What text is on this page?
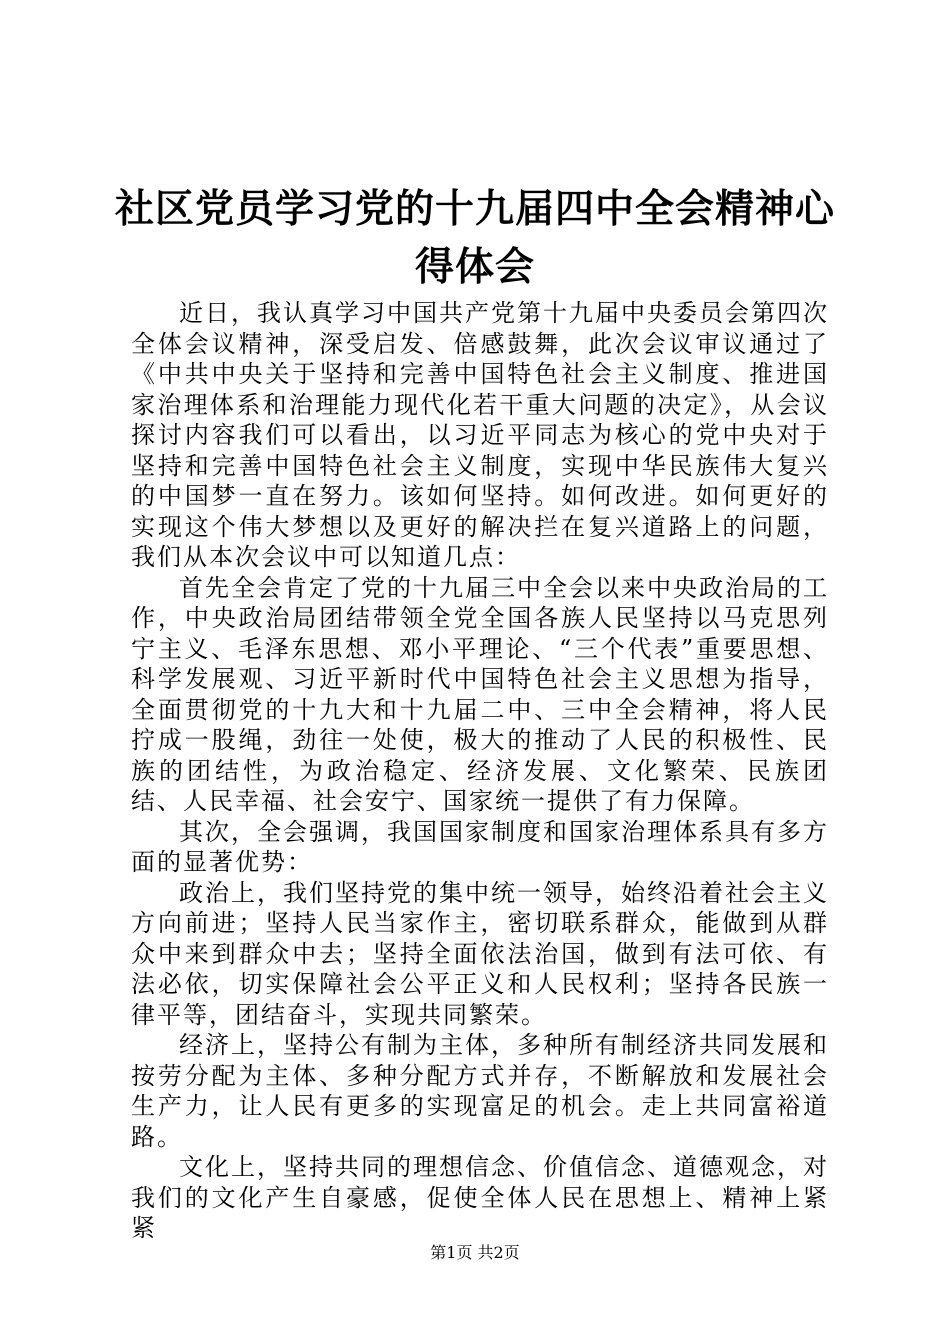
社区党员学习党的十九届四中全会精神心得体会

近日，我认真学习中国共产党第十九届中央委员会第四次全体会议精神，深受启发、倍感鼓舞，此次会议审议通过了《中共中央关于坚持和完善中国特色社会主义制度、推进国家治理体系和治理能力现代化若干重大问题的决定》，从会议探讨内容我们可以看出，以习近平同志为核心的党中央对于坚持和完善中国特色社会主义制度，实现中华民族伟大复兴的中国梦一直在努力。该如何坚持。如何改进。如何更好的实现这个伟大梦想以及更好的解决拦在复兴道路上的问题，我们从本次会议中可以知道几点：

首先全会肯定了党的十九届三中全会以来中央政治局的工作，中央政治局团结带领全党全国各族人民坚持以马克思列宁主义、毛泽东思想、邓小平理论、“三个代表”重要思想、科学发展观、习近平新时代中国特色社会主义思想为指导，全面贯彻党的十九大和十九届二中、三中全会精神，将人民拧成一股绳，劲往一处使，极大的推动了人民的积极性、民族的团结性，为政治稳定、经济发展、文化繁荣、民族团结、人民幸福、社会安宁、国家统一提供了有力保障。

其次，全会强调，我国国家制度和国家治理体系具有多方面的显著优势：

政治上，我们坚持党的集中统一领导，始终沿着社会主义方向前进；坚持人民当家作主，密切联系群众，能做到从群众中来到群众中去；坚持全面依法治国，做到有法可依、有法必依，切实保障社会公平正义和人民权利；坚持各民族一律平等，团结奋斗，实现共同繁荣。

经济上，坚持公有制为主体，多种所有制经济共同发展和按劳分配为主体、多种分配方式并存，不断解放和发展社会生产力，让人民有更多的实现富足的机会。走上共同富裕道路。

文化上，坚持共同的理想信念、价值信念、道德观念，对我们的文化产生自豪感，促使全体人民在思想上、精神上紧紧

第1页 共2页
